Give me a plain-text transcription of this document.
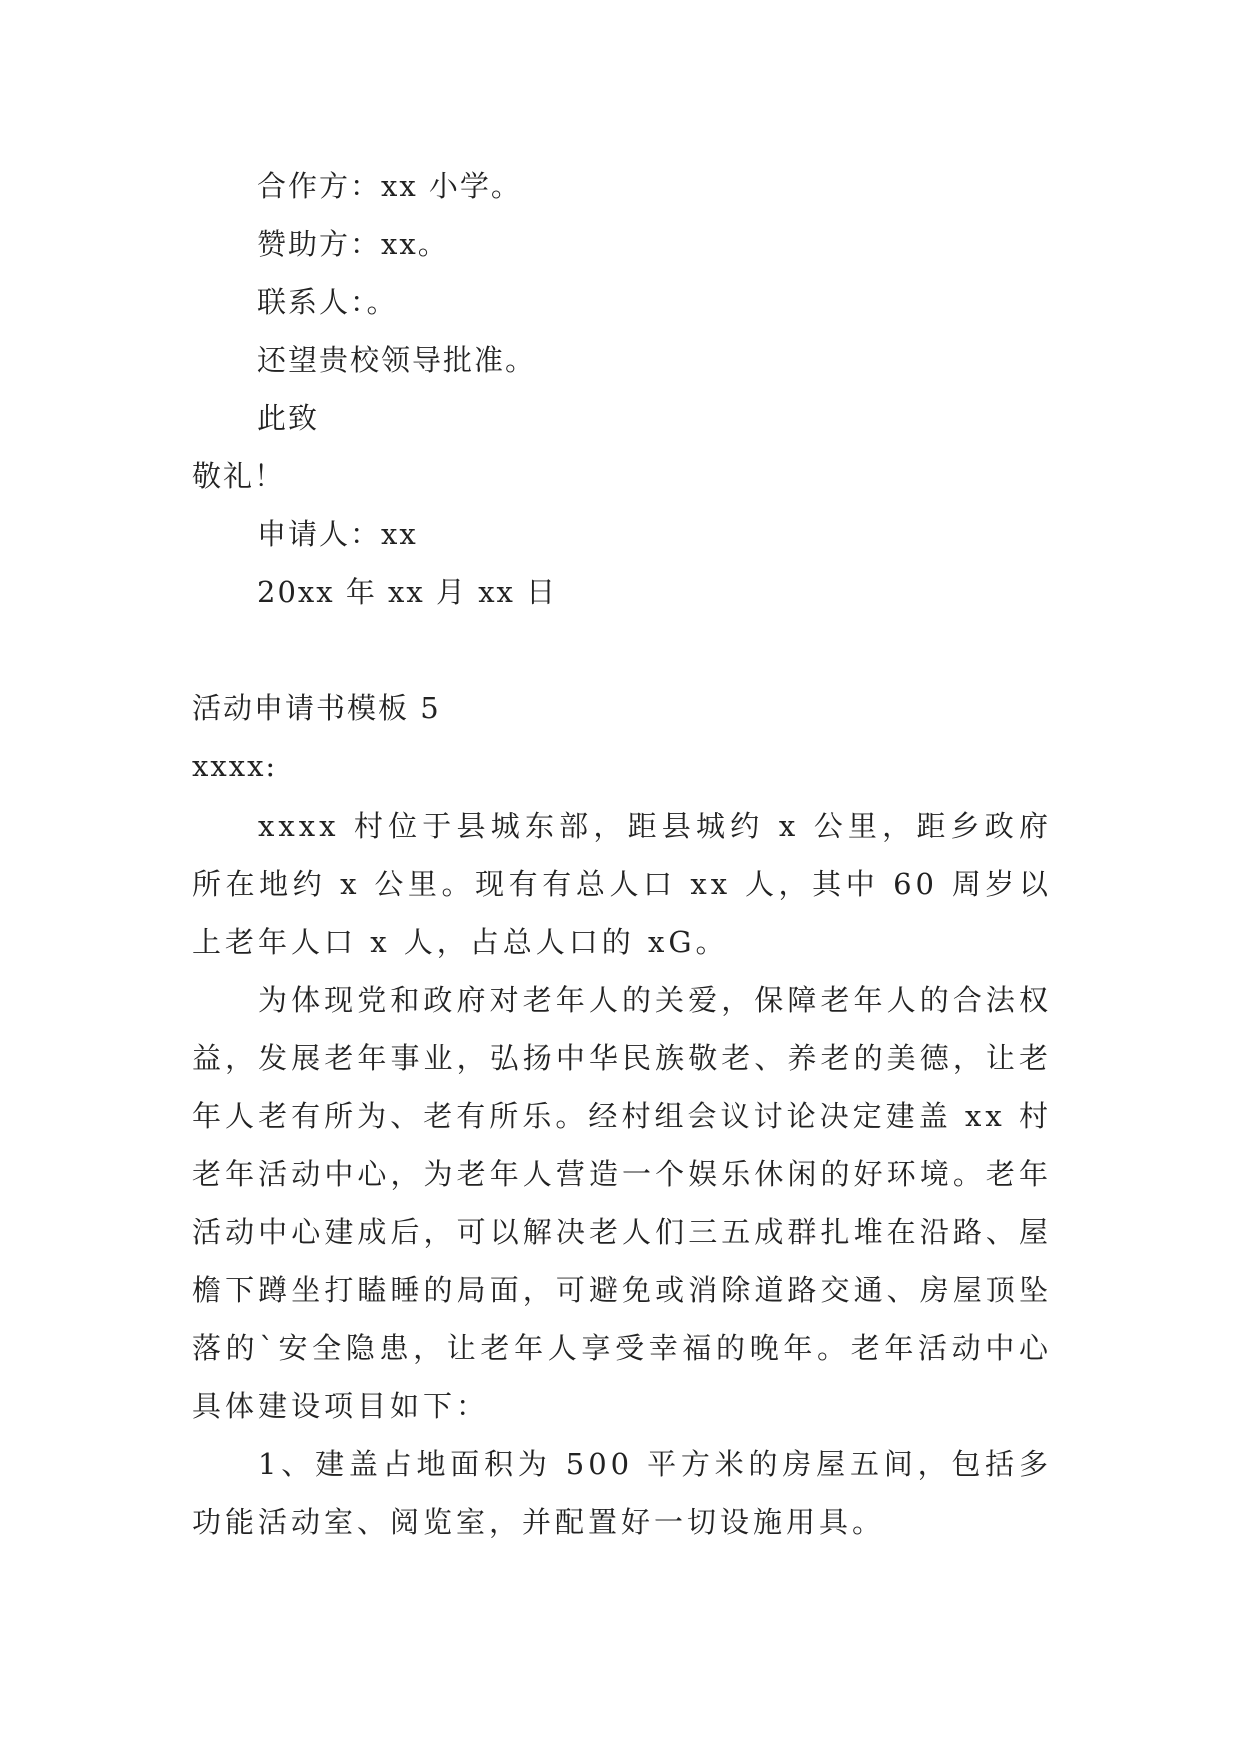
合作方：xx 小学。
赞助方：xx。
联系人：。
还望贵校领导批准。
此致
敬礼！
申请人：xx
20xx 年 xx 月 xx 日
活动申请书模板 5
xxxx:
xxxx 村位于县城东部，距县城约 x 公里，距乡政府所在地约 x 公里。现有有总人口 xx 人，其中 60 周岁以上老年人口 x 人，占总人口的 xG。
为体现党和政府对老年人的关爱，保障老年人的合法权益，发展老年事业，弘扬中华民族敬老、养老的美德，让老年人老有所为、老有所乐。经村组会议讨论决定建盖 xx 村老年活动中心，为老年人营造一个娱乐休闲的好环境。老年活动中心建成后，可以解决老人们三五成群扎堆在沿路、屋檐下蹲坐打瞌睡的局面，可避免或消除道路交通、房屋顶坠落的`安全隐患，让老年人享受幸福的晚年。老年活动中心具体建设项目如下：
1、建盖占地面积为 500 平方米的房屋五间，包括多功能活动室、阅览室，并配置好一切设施用具。
